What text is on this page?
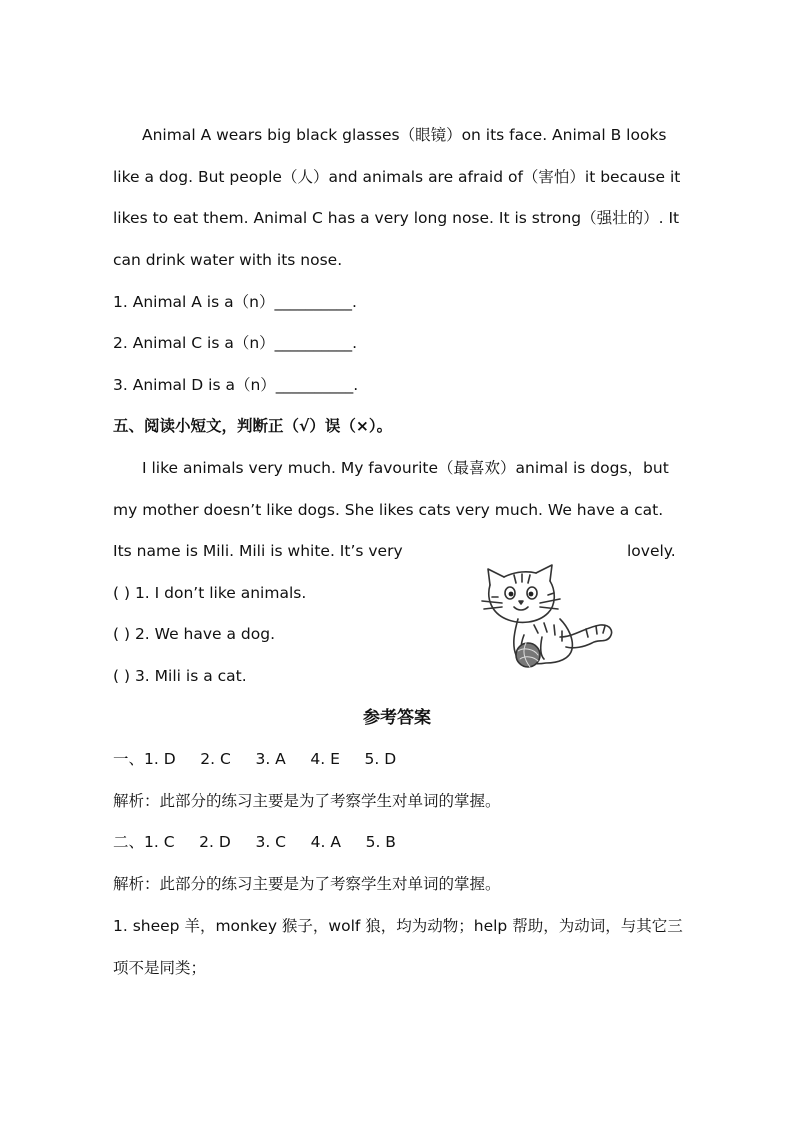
Animal A wears big black glasses（眼镜）on its face. Animal B looks
like a dog. But people（人）and animals are afraid of（害怕）it because it
likes to eat them. Animal C has a very long nose. It is strong（强壮的）. It
can drink water with its nose.
1. Animal A is a（n）__________.
2. Animal C is a（n）__________.
3. Animal D is a（n）__________.
五、阅读小短文，判断正（√）误（×）。
I like animals very much. My favourite（最喜欢）animal is dogs，but
my mother doesn’t like dogs. She likes cats very much. We have a cat.
Its name is Mili. Mili is white. It’s very	lovely.
( ) 1. I don’t like animals.
( ) 2. We have a dog.
( ) 3. Mili is a cat.
参考答案
一、1. D     2. C     3. A     4. E     5. D
解析：此部分的练习主要是为了考察学生对单词的掌握。
二、1. C     2. D     3. C     4. A     5. B
解析：此部分的练习主要是为了考察学生对单词的掌握。
1. sheep 羊，monkey 猴子，wolf 狼，均为动物；help 帮助，为动词，与其它三
项不是同类；
